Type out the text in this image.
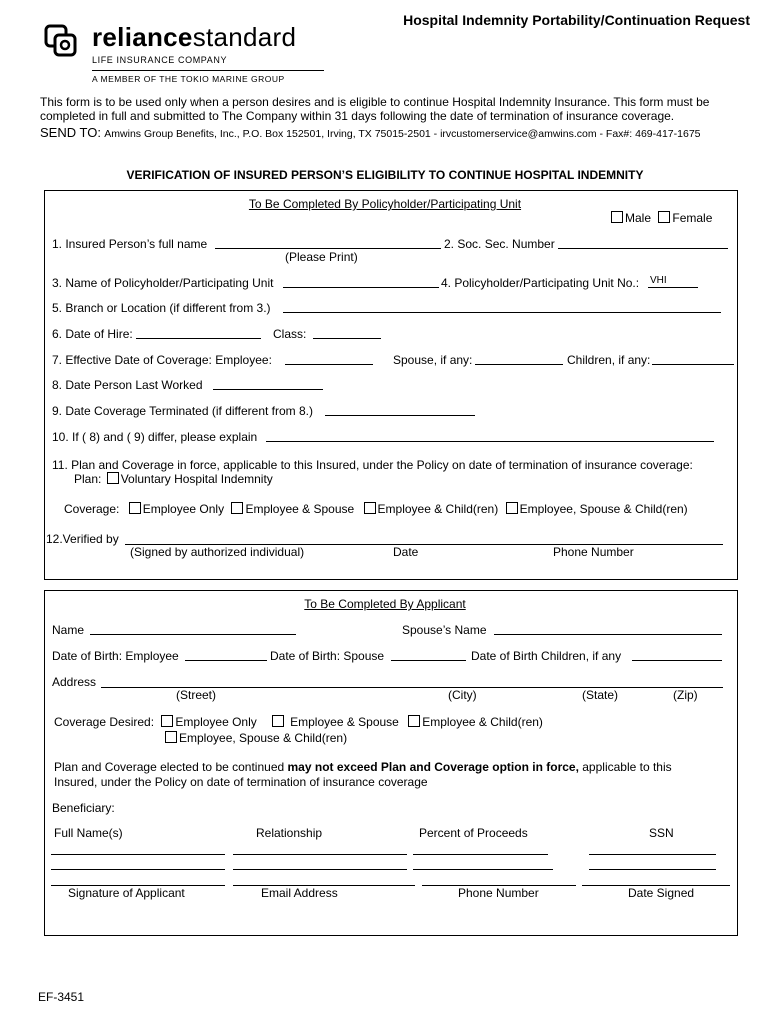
reliancestandard
LIFE INSURANCE COMPANY
A MEMBER OF THE TOKIO MARINE GROUP
Hospital Indemnity Portability/Continuation Request
This form is to be used only when a person desires and is eligible to continue Hospital Indemnity Insurance. This form must be completed in full and submitted to The Company within 31 days following the date of termination of insurance coverage.
SEND TO: Amwins Group Benefits, Inc., P.O. Box 152501, Irving, TX 75015-2501 - irvcustomerservice@amwins.com - Fax#: 469-417-1675
VERIFICATION OF INSURED PERSON’S ELIGIBILITY TO CONTINUE HOSPITAL INDEMNITY
To Be Completed By Policyholder/Participating Unit
Male Female
1. Insured Person’s full name
(Please Print)
2. Soc. Sec. Number
3. Name of Policyholder/Participating Unit	4. Policyholder/Participating Unit No.: VHI
5. Branch or Location (if different from 3.)
6. Date of Hire:	Class:
7. Effective Date of Coverage: Employee:	Spouse, if any:	Children, if any:
8. Date Person Last Worked
9. Date Coverage Terminated (if different from 8.)
10. If ( 8) and ( 9) differ, please explain
11. Plan and Coverage in force, applicable to this Insured, under the Policy on date of termination of insurance coverage:
Plan: Voluntary Hospital Indemnity
Coverage: Employee Only Employee & Spouse Employee & Child(ren) Employee, Spouse & Child(ren)
12.Verified by
(Signed by authorized individual)	Date	Phone Number
To Be Completed By Applicant
Name	Spouse’s Name
Date of Birth: Employee	Date of Birth: Spouse	Date of Birth Children, if any
Address
(Street)	(City)	(State)	(Zip)
Coverage Desired: Employee Only	Employee & Spouse Employee & Child(ren)
Employee, Spouse & Child(ren)
Plan and Coverage elected to be continued may not exceed Plan and Coverage option in force, applicable to this
Insured, under the Policy on date of termination of insurance coverage
Beneficiary:
Full Name(s)	Relationship	Percent of Proceeds	SSN
Signature of Applicant	Email Address	Phone Number	Date Signed
EF-3451
